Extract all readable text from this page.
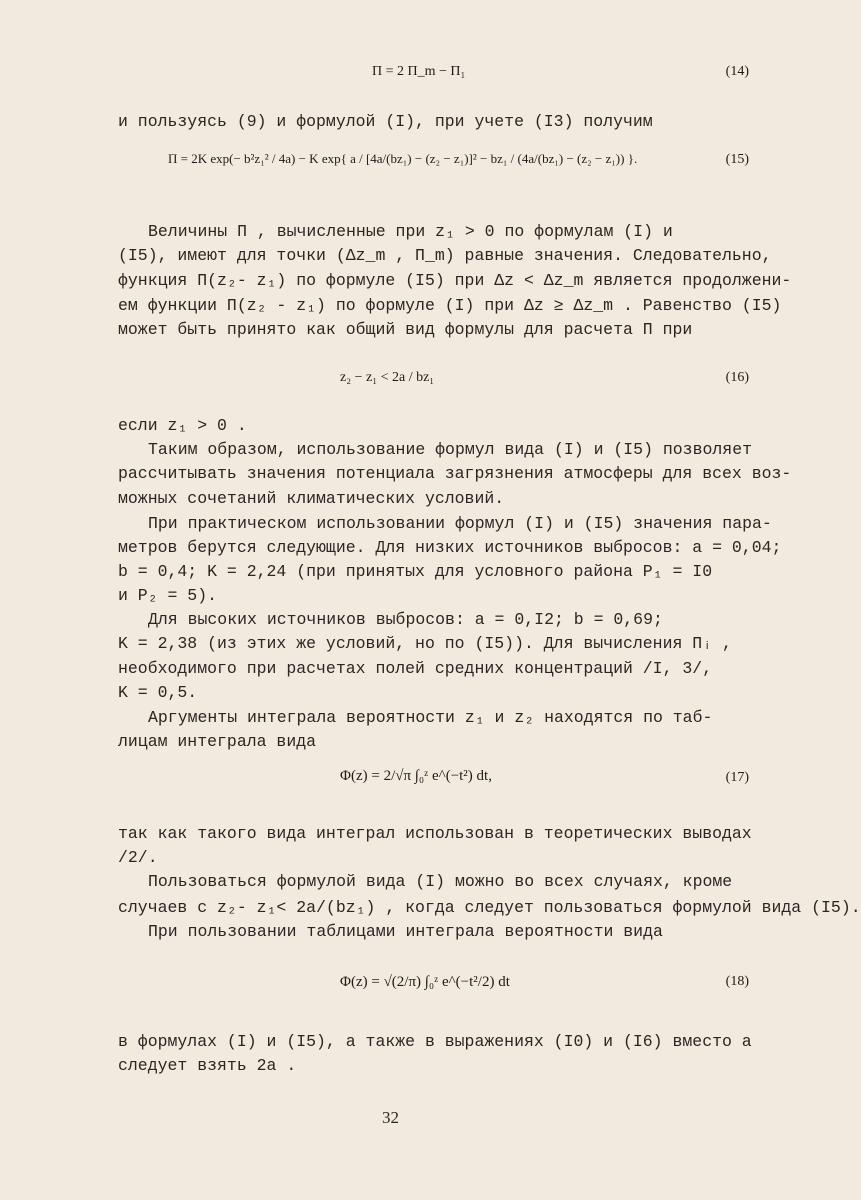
П = 2 П_m − П₁	(14)
и пользуясь (9) и формулой (I), при учете (I3) получим
П = 2K exp(− b²z₁² / 4a) − K exp{ a / [4a/(bz₁) − (z₂ − z₁)]² − bz₁ / (4a/(bz₁) − (z₂ − z₁)) }.	(15)
Величины П , вычисленные при z₁ > 0 по формулам (I) и
(I5), имеют для точки (Δz_m , П_m) равные значения. Следовательно,
функция П(z₂- z₁) по формуле (I5) при Δz < Δz_m является продолжени-
ем функции П(z₂ - z₁) по формуле (I) при Δz ≥ Δz_m . Равенство (I5)
может быть принято как общий вид формулы для расчета П при
z₂ − z₁ < 2a / bz₁	(16)
если z₁ > 0 .
Таким образом, использование формул вида (I) и (I5) позволяет
рассчитывать значения потенциала загрязнения атмосферы для всех воз-
можных сочетаний климатических условий.
При практическом использовании формул (I) и (I5) значения пара-
метров берутся следующие. Для низких источников выбросов: a = 0,04;
b = 0,4; K = 2,24 (при принятых для условного района P₁ = I0
и P₂ = 5).
Для высоких источников выбросов: a = 0,I2; b = 0,69;
K = 2,38 (из этих же условий, но по (I5)). Для вычисления Пᵢ ,
необходимого при расчетах полей средних концентраций /I, 3/,
K = 0,5.
Аргументы интеграла вероятности z₁ и z₂ находятся по таб-
лицам интеграла вида
Φ(z) = 2/√π ∫₀ᶻ e^(−t²) dt,	(17)
так как такого вида интеграл использован в теоретических выводах
/2/.
Пользоваться формулой вида (I) можно во всех случаях, кроме
случаев с z₂- z₁< 2a/(bz₁) , когда следует пользоваться формулой вида (I5).
При пользовании таблицами интеграла вероятности вида
Φ(z) = √(2/π) ∫₀ᶻ e^(−t²/2) dt	(18)
в формулах (I) и (I5), а также в выражениях (I0) и (I6) вместо a
следует взять 2a .
32
